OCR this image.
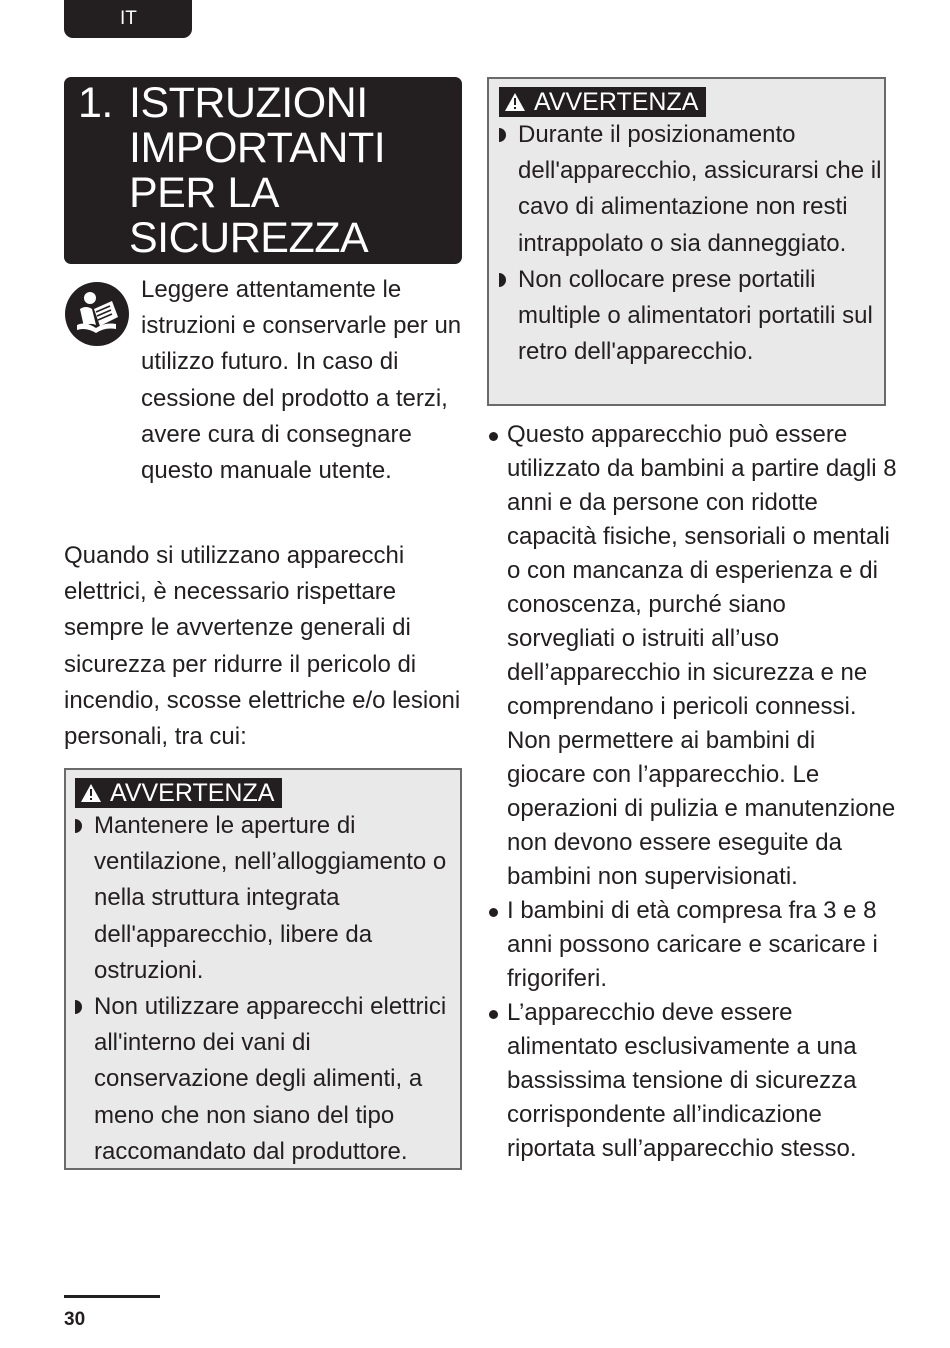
IT
1. ISTRUZIONI
IMPORTANTI
PER LA
SICUREZZA
Leggere attentamente le istruzioni e conservarle per un utilizzo futuro. In caso di cessione del prodotto a terzi, avere cura di consegnare questo manuale utente.
Quando si utilizzano apparecchi elettrici, è necessario rispettare sempre le avvertenze generali di sicurezza per ridurre il pericolo di incendio, scosse elettriche e/o lesioni personali, tra cui:
AVVERTENZA
Mantenere le aperture di ventilazione, nell’alloggiamento o nella struttura integrata dell'apparecchio, libere da ostruzioni.
Non utilizzare apparecchi elettrici all'interno dei vani di conservazione degli alimenti, a meno che non siano del tipo raccomandato dal produttore.
AVVERTENZA
Durante il posizionamento dell'apparecchio, assicurarsi che il cavo di alimentazione non resti intrappolato o sia danneggiato.
Non collocare prese portatili multiple o alimentatori portatili sul retro dell'apparecchio.
Questo apparecchio può essere utilizzato da bambini a partire dagli 8 anni e da persone con ridotte capacità fisiche, sensoriali o mentali o con mancanza di esperienza e di conoscenza, purché siano sorvegliati o istruiti all’uso dell’apparecchio in sicurezza e ne comprendano i pericoli connessi. Non permettere ai bambini di giocare con l’apparecchio. Le operazioni di pulizia e manutenzione non devono essere eseguite da bambini non supervisionati.
I bambini di età compresa fra 3 e 8 anni possono caricare e scaricare i frigoriferi.
L’apparecchio deve essere alimentato esclusivamente a una bassissima tensione di sicurezza corrispondente all’indicazione riportata sull’apparecchio stesso.
30
